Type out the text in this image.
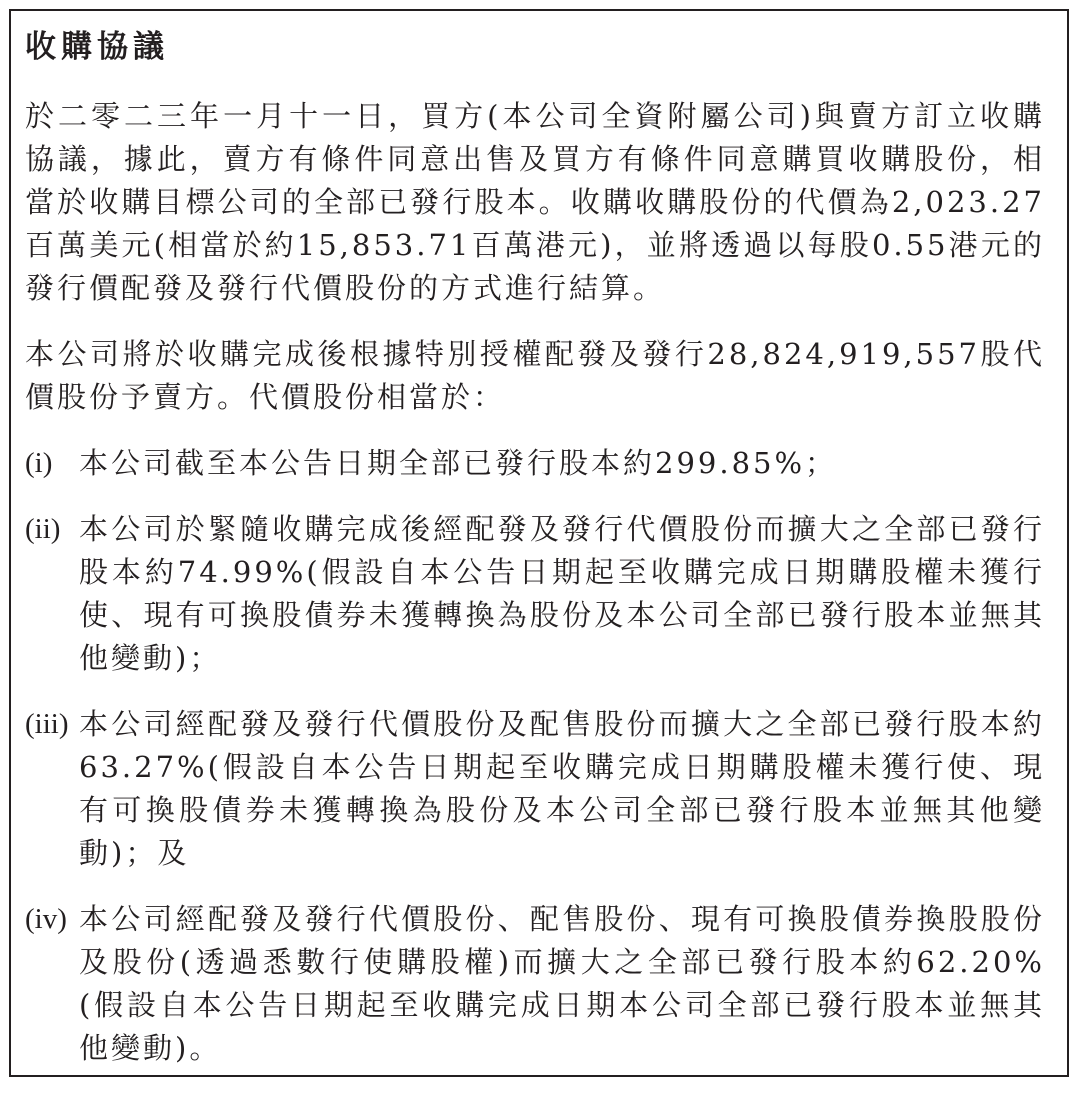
收購協議

於二零二三年一月十一日，買方(本公司全資附屬公司)與賣方訂立收購協議，據此，賣方有條件同意出售及買方有條件同意購買收購股份，相當於收購目標公司的全部已發行股本。收購收購股份的代價為2,023.27百萬美元(相當於約15,853.71百萬港元)，並將透過以每股0.55港元的發行價配發及發行代價股份的方式進行結算。

本公司將於收購完成後根據特別授權配發及發行28,824,919,557股代價股份予賣方。代價股份相當於：

(i) 本公司截至本公告日期全部已發行股本約299.85%；
(ii) 本公司於緊隨收購完成後經配發及發行代價股份而擴大之全部已發行股本約74.99%(假設自本公告日期起至收購完成日期購股權未獲行使、現有可換股債券未獲轉換為股份及本公司全部已發行股本並無其他變動)；
(iii) 本公司經配發及發行代價股份及配售股份而擴大之全部已發行股本約63.27%(假設自本公告日期起至收購完成日期購股權未獲行使、現有可換股債券未獲轉換為股份及本公司全部已發行股本並無其他變動)；及
(iv) 本公司經配發及發行代價股份、配售股份、現有可換股債券換股股份及股份(透過悉數行使購股權)而擴大之全部已發行股本約62.20%(假設自本公告日期起至收購完成日期本公司全部已發行股本並無其他變動)。
